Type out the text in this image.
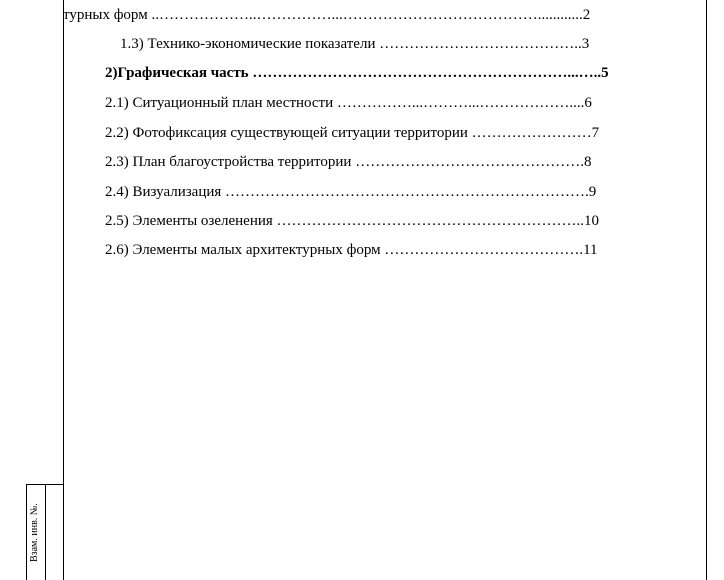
Взам. инв. №.
турных форм ..………………..……………...…………………………………............2
1.3) Технико-экономические показатели …………………………………..3
2)Графическая часть ………………………………………………………...…..5
2.1) Ситуационный план местности ……………...………...………………....6
2.2) Фотофиксация существующей ситуации территории ……………………7
2.3) План благоустройства территории ……………………………………….8
2.4) Визуализация ……………………………………………………………….9
2.5) Элементы озеленения ……………………………………………………..10
2.6) Элементы малых архитектурных форм ………………………………….11
